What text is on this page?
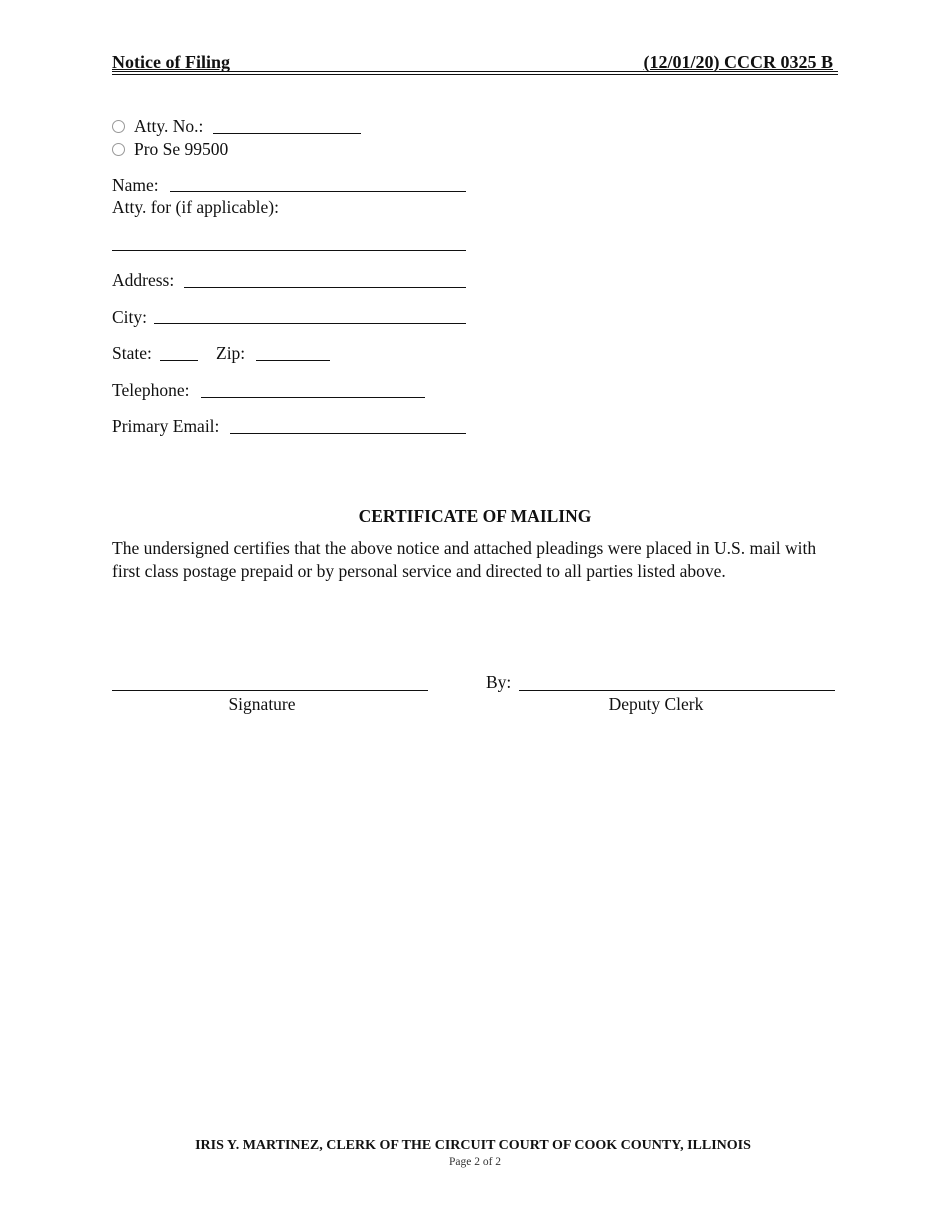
Notice of Filing	(12/01/20) CCCR 0325 B
Atty. No.:
Pro Se 99500
Name:
Atty. for (if applicable):
Address:
City:
State:	Zip:
Telephone:
Primary Email:
CERTIFICATE OF MAILING
The undersigned certifies that the above notice and attached pleadings were placed in U.S. mail with
first class postage prepaid or by personal service and directed to all parties listed above.
Signature
By:
Deputy Clerk
IRIS Y. MARTINEZ, CLERK OF THE CIRCUIT COURT OF COOK COUNTY, ILLINOIS
Page 2 of 2
